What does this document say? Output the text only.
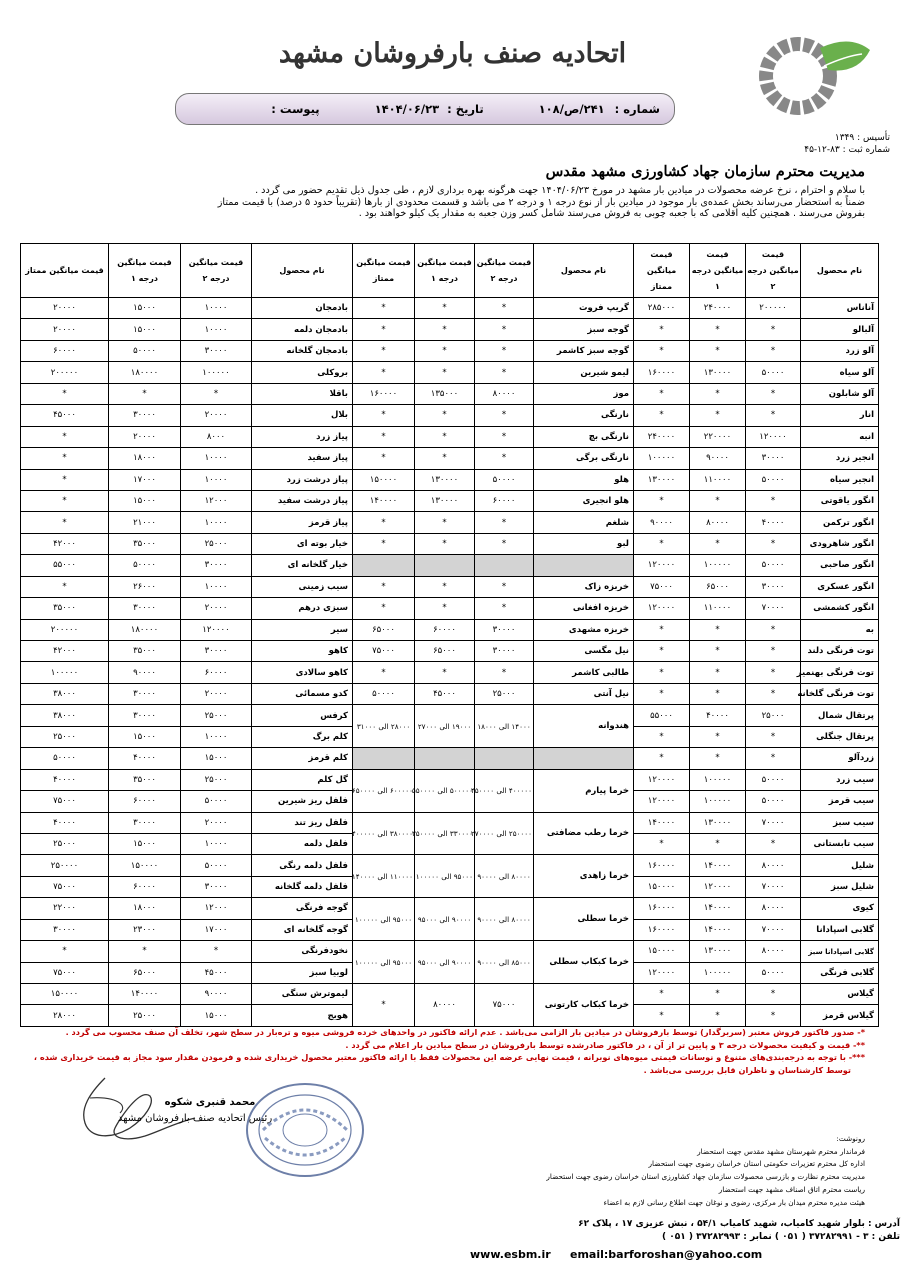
اتحادیه صنف بارفروشان مشهد
شماره :
۲۴۱/ص/۱۰۸
تاریخ :
۱۴۰۴/۰۶/۲۳
پیوست :
تأسیس : ۱۳۴۹
شماره ثبت : ۸۳-۱۲-۴۵
مدیریت محترم سازمان جهاد کشاورزی مشهد مقدس
با سلام و احترام ، نرخ عرضه محصولات در میادین بار مشهد در مورخ ۱۴۰۴/۰۶/۲۳ جهت هرگونه بهره برداری لازم ، طی جدول ذیل تقدیم حضور می گردد .
ضمناً به استحضار می‌رساند بخش عمده‌ی بار موجود در میادین بار از نوع درجه ۱ و درجه ۲ می باشد و قسمت محدودی از بارها (تقریباً حدود ۵ درصد) با قیمت ممتاز
بفروش می‌رسند . همچنین کلیه اقلامی که با جعبه چوبی به فروش می‌رسند شامل کسر وزن جعبه به مقدار یک کیلو خواهند بود .
نام محصول	قیمت میانگین درجه ۲	قیمت میانگین درجه ۱	قیمت میانگین ممتاز	نام محصول	قیمت میانگین درجه ۲	قیمت میانگین درجه ۱	قیمت میانگین ممتاز	نام محصول	قیمت میانگین درجه ۲	قیمت میانگین درجه ۱	قیمت میانگین ممتاز
آناناس	۲۰۰۰۰۰	۲۴۰۰۰۰	۲۸۵۰۰۰	گریپ فروت	*	*	*	بادمجان	۱۰۰۰۰	۱۵۰۰۰	۲۰۰۰۰
آلبالو	*	*	*	گوجه سبز	*	*	*	بادمجان دلمه	۱۰۰۰۰	۱۵۰۰۰	۲۰۰۰۰
آلو زرد	*	*	*	گوجه سبز کاشمر	*	*	*	بادمجان گلخانه	۳۰۰۰۰	۵۰۰۰۰	۶۰۰۰۰
آلو سیاه	۵۰۰۰۰	۱۳۰۰۰۰	۱۶۰۰۰۰	لیمو شیرین	*	*	*	بروکلی	۱۰۰۰۰۰	۱۸۰۰۰۰	۲۰۰۰۰۰
آلو شابلون	*	*	*	موز	۸۰۰۰۰	۱۳۵۰۰۰	۱۶۰۰۰۰	باقلا	*	*	*
انار	*	*	*	نارنگی	*	*	*	بلال	۲۰۰۰۰	۳۰۰۰۰	۴۵۰۰۰
انبه	۱۲۰۰۰۰	۲۲۰۰۰۰	۲۴۰۰۰۰	نارنگی بچ	*	*	*	پیاز زرد	۸۰۰۰	۲۰۰۰۰	*
انجیر زرد	۳۰۰۰۰	۹۰۰۰۰	۱۰۰۰۰۰	نارنگی برگی	*	*	*	پیاز سفید	۱۰۰۰۰	۱۸۰۰۰	*
انجیر سیاه	۵۰۰۰۰	۱۱۰۰۰۰	۱۳۰۰۰۰	هلو	۵۰۰۰۰	۱۳۰۰۰۰	۱۵۰۰۰۰	پیاز درشت زرد	۱۰۰۰۰	۱۷۰۰۰	*
انگور یاقوتی	*	*	*	هلو انجیری	۶۰۰۰۰	۱۳۰۰۰۰	۱۴۰۰۰۰	پیاز درشت سفید	۱۲۰۰۰	۱۵۰۰۰	*
انگور ترکمن	۴۰۰۰۰	۸۰۰۰۰	۹۰۰۰۰	شلغم	*	*	*	پیاز قرمز	۱۰۰۰۰	۲۱۰۰۰	*
انگور شاهرودی	*	*	*	لبو	*	*	*	خیار بوته ای	۲۵۰۰۰	۳۵۰۰۰	۴۲۰۰۰
انگور صاحبی	۵۰۰۰۰	۱۰۰۰۰۰	۱۲۰۰۰۰					خیار گلخانه ای	۳۰۰۰۰	۵۰۰۰۰	۵۵۰۰۰
انگور عسکری	۳۰۰۰۰	۶۵۰۰۰	۷۵۰۰۰	خربزه زاک	*	*	*	سیب زمینی	۱۰۰۰۰	۲۶۰۰۰	*
انگور کشمشی	۷۰۰۰۰	۱۱۰۰۰۰	۱۲۰۰۰۰	خربزه افغانی	*	*	*	سبزی درهم	۲۰۰۰۰	۳۰۰۰۰	۳۵۰۰۰
به	*	*	*	خربزه مشهدی	۳۰۰۰۰	۶۰۰۰۰	۶۵۰۰۰	سیر	۱۲۰۰۰۰	۱۸۰۰۰۰	۲۰۰۰۰۰
توت فرنگی دلند	*	*	*	نیل مگسی	۳۰۰۰۰	۶۵۰۰۰	۷۵۰۰۰	کاهو	۳۰۰۰۰	۳۵۰۰۰	۴۲۰۰۰
توت فرنگی بهنمیر	*	*	*	طالبی کاشمر	*	*	*	کاهو سالادی	۶۰۰۰۰	۹۰۰۰۰	۱۰۰۰۰۰
توت فرنگی گلخانه	*	*	*	نیل آنتی	۲۵۰۰۰	۴۵۰۰۰	۵۰۰۰۰	کدو مسمائی	۲۰۰۰۰	۳۰۰۰۰	۳۸۰۰۰
پرتقال شمال	۲۵۰۰۰	۴۰۰۰۰	۵۵۰۰۰	هندوانه	۱۴۰۰۰ الی ۱۸۰۰۰	۱۹۰۰۰ الی ۲۷۰۰۰	۲۸۰۰۰ الی ۳۱۰۰۰	کرفس	۲۵۰۰۰	۳۰۰۰۰	۳۸۰۰۰
پرتقال جنگلی	*	*	*					کلم برگ	۱۰۰۰۰	۱۵۰۰۰	۲۵۰۰۰
زردآلو	*	*	*					کلم قرمز	۱۵۰۰۰	۴۰۰۰۰	۵۰۰۰۰
سیب زرد	۵۰۰۰۰	۱۰۰۰۰۰	۱۲۰۰۰۰	خرما پیارم	۴۰۰۰۰۰ الی ۴۵۰۰۰۰	۵۰۰۰۰۰ الی ۵۵۰۰۰۰	۶۰۰۰۰۰ الی ۶۵۰۰۰۰	گل کلم	۲۵۰۰۰	۳۵۰۰۰	۴۰۰۰۰
سیب قرمز	۵۰۰۰۰	۱۰۰۰۰۰	۱۲۰۰۰۰					فلفل ریز شیرین	۵۰۰۰۰	۶۰۰۰۰	۷۵۰۰۰
سیب سبز	۷۰۰۰۰	۱۳۰۰۰۰	۱۴۰۰۰۰	خرما رطب مضافتی	۲۵۰۰۰۰ الی ۲۷۰۰۰۰	۳۳۰۰۰۰ الی ۳۵۰۰۰۰	۳۸۰۰۰۰ الی ۴۰۰۰۰۰	فلفل ریز تند	۲۰۰۰۰	۳۰۰۰۰	۴۰۰۰۰
سیب تابستانی	*	*	*					فلفل دلمه	۱۰۰۰۰	۱۵۰۰۰	۲۵۰۰۰
شلیل	۸۰۰۰۰	۱۴۰۰۰۰	۱۶۰۰۰۰	خرما زاهدی	۸۰۰۰۰ الی ۹۰۰۰۰	۹۵۰۰۰ الی ۱۰۰۰۰۰	۱۱۰۰۰۰ الی ۱۴۰۰۰۰	فلفل دلمه رنگی	۵۰۰۰۰	۱۵۰۰۰۰	۲۵۰۰۰۰
شلیل سبز	۷۰۰۰۰	۱۲۰۰۰۰	۱۵۰۰۰۰					فلفل دلمه گلخانه	۳۰۰۰۰	۶۰۰۰۰	۷۵۰۰۰
کیوی	۸۰۰۰۰	۱۴۰۰۰۰	۱۶۰۰۰۰	خرما سطلی	۸۰۰۰۰ الی ۹۰۰۰۰	۹۰۰۰۰ الی ۹۵۰۰۰	۹۵۰۰۰ الی ۱۰۰۰۰۰	گوجه فرنگی	۱۲۰۰۰	۱۸۰۰۰	۲۲۰۰۰
گلابی اسپادانا	۷۰۰۰۰	۱۴۰۰۰۰	۱۶۰۰۰۰					گوجه گلخانه ای	۱۷۰۰۰	۲۳۰۰۰	۳۰۰۰۰
گلابی اسپادانا سبز	۸۰۰۰۰	۱۳۰۰۰۰	۱۵۰۰۰۰	خرما کبکاب سطلی	۸۵۰۰۰ الی ۹۰۰۰۰	۹۰۰۰۰ الی ۹۵۰۰۰	۹۵۰۰۰ الی ۱۰۰۰۰۰	نخودفرنگی	*	*	*
گلابی فرنگی	۵۰۰۰۰	۱۰۰۰۰۰	۱۲۰۰۰۰					لوبیا سبز	۴۵۰۰۰	۶۵۰۰۰	۷۵۰۰۰
گیلاس	*	*	*	خرما کبکاب کارتونی	۷۵۰۰۰	۸۰۰۰۰	*	لیموترش سنگی	۹۰۰۰۰	۱۴۰۰۰۰	۱۵۰۰۰۰
گیلاس قرمز	*	*	*					هویج	۱۵۰۰۰	۲۵۰۰۰	۲۸۰۰۰
*- صدور فاکتور فروش معتبر (سربرگدار) توسط بارفروشان در میادین بار الزامی می‌باشد . عدم ارائه فاکتور در واحدهای خرده فروشی میوه و تره‌بار در سطح شهر، تخلف آن صنف محسوب می گردد .
**- قیمت و کیفیت محصولات درجه ۳ و پایین تر از آن ، در فاکتور صادرشده توسط بارفروشان در سطح میادین بار اعلام می گردد .
***- با توجه به درجه‌بندی‌های متنوع و نوسانات قیمتی میوه‌های نوبرانه ، قیمت نهایی عرضه این محصولات فقط با ارائه فاکتور معتبر محصول خریداری شده و فرمودن مقدار سود مجاز به قیمت خریداری شده ،
توسط کارشناسان و ناظران قابل بررسی می‌باشد .
محمد قنبری شکوه
رئیس اتحادیه صنف بارفروشان مشهد
رونوشت:
فرماندار محترم شهرستان مشهد مقدس جهت استحضار
اداره کل محترم تعزیرات حکومتی استان خراسان رضوی جهت استحضار
مدیریت محترم نظارت و بازرسی محصولات سازمان جهاد کشاورزی استان خراسان رضوی جهت استحضار
ریاست محترم اتاق اصناف مشهد جهت استحضار
هیئت مدیره محترم میدان بار مرکزی، رضوی و نوغان جهت اطلاع رسانی لازم به اعضاء
آدرس : بلوار شهید کامیاب، شهید کامیاب ۵۴/۱ ، نبش عزیزی ۱۷ ، پلاک ۶۲
تلفن : ۳ - ۳۷۲۸۲۹۹۱ ( ۰۵۱ ) نمابر : ۳۷۲۸۲۹۹۳ ( ۰۵۱ )
email:barforoshan@yahoo.com
www.esbm.ir
